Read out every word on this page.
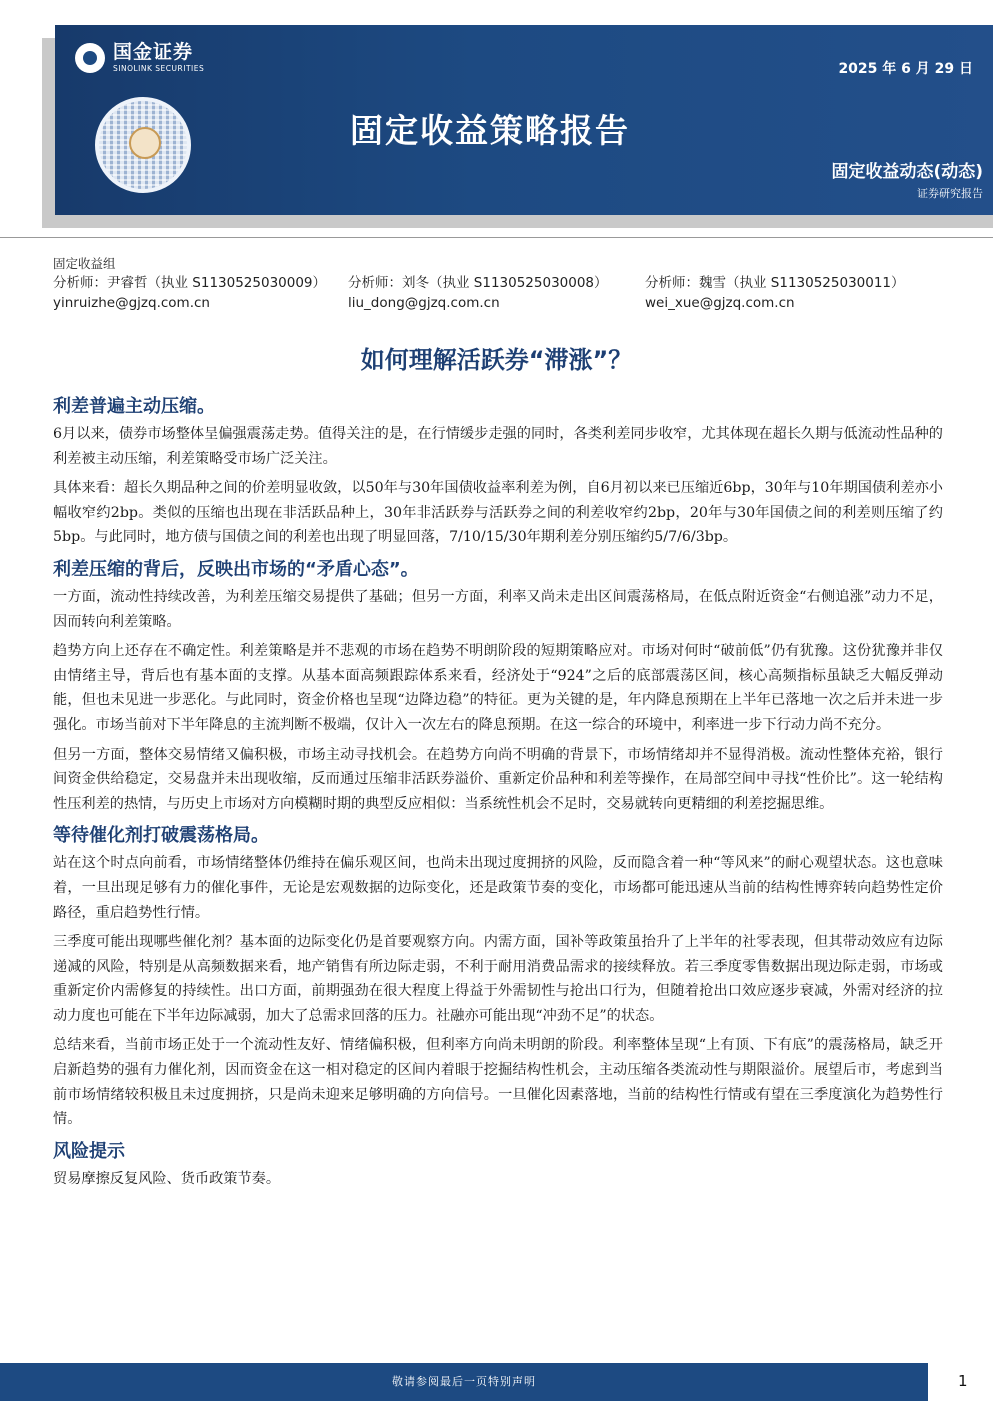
国金证券
SINOLINK SECURITIES	2025 年 6 月 29 日
固定收益策略报告
固定收益动态(动态)
证券研究报告
固定收益组
分析师：尹睿哲（执业 S1130525030009）
yinruizhe@gjzq.com.cn
分析师：刘冬（执业 S1130525030008）
liu_dong@gjzq.com.cn
分析师：魏雪（执业 S1130525030011）
wei_xue@gjzq.com.cn
如何理解活跃券“滞涨”？
利差普遍主动压缩。

6月以来，债券市场整体呈偏强震荡走势。值得关注的是，在行情缓步走强的同时，各类利差同步收窄，尤其体现在超长久期与低流动性品种的利差被主动压缩，利差策略受市场广泛关注。

具体来看：超长久期品种之间的价差明显收敛，以50年与30年国债收益率利差为例，自6月初以来已压缩近6bp，30年与10年期国债利差亦小幅收窄约2bp。类似的压缩也出现在非活跃品种上，30年非活跃券与活跃券之间的利差收窄约2bp，20年与30年国债之间的利差则压缩了约5bp。与此同时，地方债与国债之间的利差也出现了明显回落，7/10/15/30年期利差分别压缩约5/7/6/3bp。

利差压缩的背后，反映出市场的“矛盾心态”。

一方面，流动性持续改善，为利差压缩交易提供了基础；但另一方面，利率又尚未走出区间震荡格局，在低点附近资金“右侧追涨”动力不足，因而转向利差策略。

趋势方向上还存在不确定性。利差策略是并不悲观的市场在趋势不明朗阶段的短期策略应对。市场对何时“破前低”仍有犹豫。这份犹豫并非仅由情绪主导，背后也有基本面的支撑。从基本面高频跟踪体系来看，经济处于“924”之后的底部震荡区间，核心高频指标虽缺乏大幅反弹动能，但也未见进一步恶化。与此同时，资金价格也呈现“边降边稳”的特征。更为关键的是，年内降息预期在上半年已落地一次之后并未进一步强化。市场当前对下半年降息的主流判断不极端，仅计入一次左右的降息预期。在这一综合的环境中，利率进一步下行动力尚不充分。

但另一方面，整体交易情绪又偏积极，市场主动寻找机会。在趋势方向尚不明确的背景下，市场情绪却并不显得消极。流动性整体充裕，银行间资金供给稳定，交易盘并未出现收缩，反而通过压缩非活跃券溢价、重新定价品种和利差等操作，在局部空间中寻找“性价比”。这一轮结构性压利差的热情，与历史上市场对方向模糊时期的典型反应相似：当系统性机会不足时，交易就转向更精细的利差挖掘思维。

等待催化剂打破震荡格局。

站在这个时点向前看，市场情绪整体仍维持在偏乐观区间，也尚未出现过度拥挤的风险，反而隐含着一种“等风来”的耐心观望状态。这也意味着，一旦出现足够有力的催化事件，无论是宏观数据的边际变化，还是政策节奏的变化，市场都可能迅速从当前的结构性博弈转向趋势性定价路径，重启趋势性行情。

三季度可能出现哪些催化剂？基本面的边际变化仍是首要观察方向。内需方面，国补等政策虽抬升了上半年的社零表现，但其带动效应有边际递减的风险，特别是从高频数据来看，地产销售有所边际走弱，不利于耐用消费品需求的接续释放。若三季度零售数据出现边际走弱，市场或重新定价内需修复的持续性。出口方面，前期强劲在很大程度上得益于外需韧性与抢出口行为，但随着抢出口效应逐步衰减，外需对经济的拉动力度也可能在下半年边际减弱，加大了总需求回落的压力。社融亦可能出现“冲劲不足”的状态。

总结来看，当前市场正处于一个流动性友好、情绪偏积极，但利率方向尚未明朗的阶段。利率整体呈现“上有顶、下有底”的震荡格局，缺乏开启新趋势的强有力催化剂，因而资金在这一相对稳定的区间内着眼于挖掘结构性机会，主动压缩各类流动性与期限溢价。展望后市，考虑到当前市场情绪较积极且未过度拥挤，只是尚未迎来足够明确的方向信号。一旦催化因素落地，当前的结构性行情或有望在三季度演化为趋势性行情。

风险提示

贸易摩擦反复风险、货币政策节奏。

敬请参阅最后一页特别声明	1
